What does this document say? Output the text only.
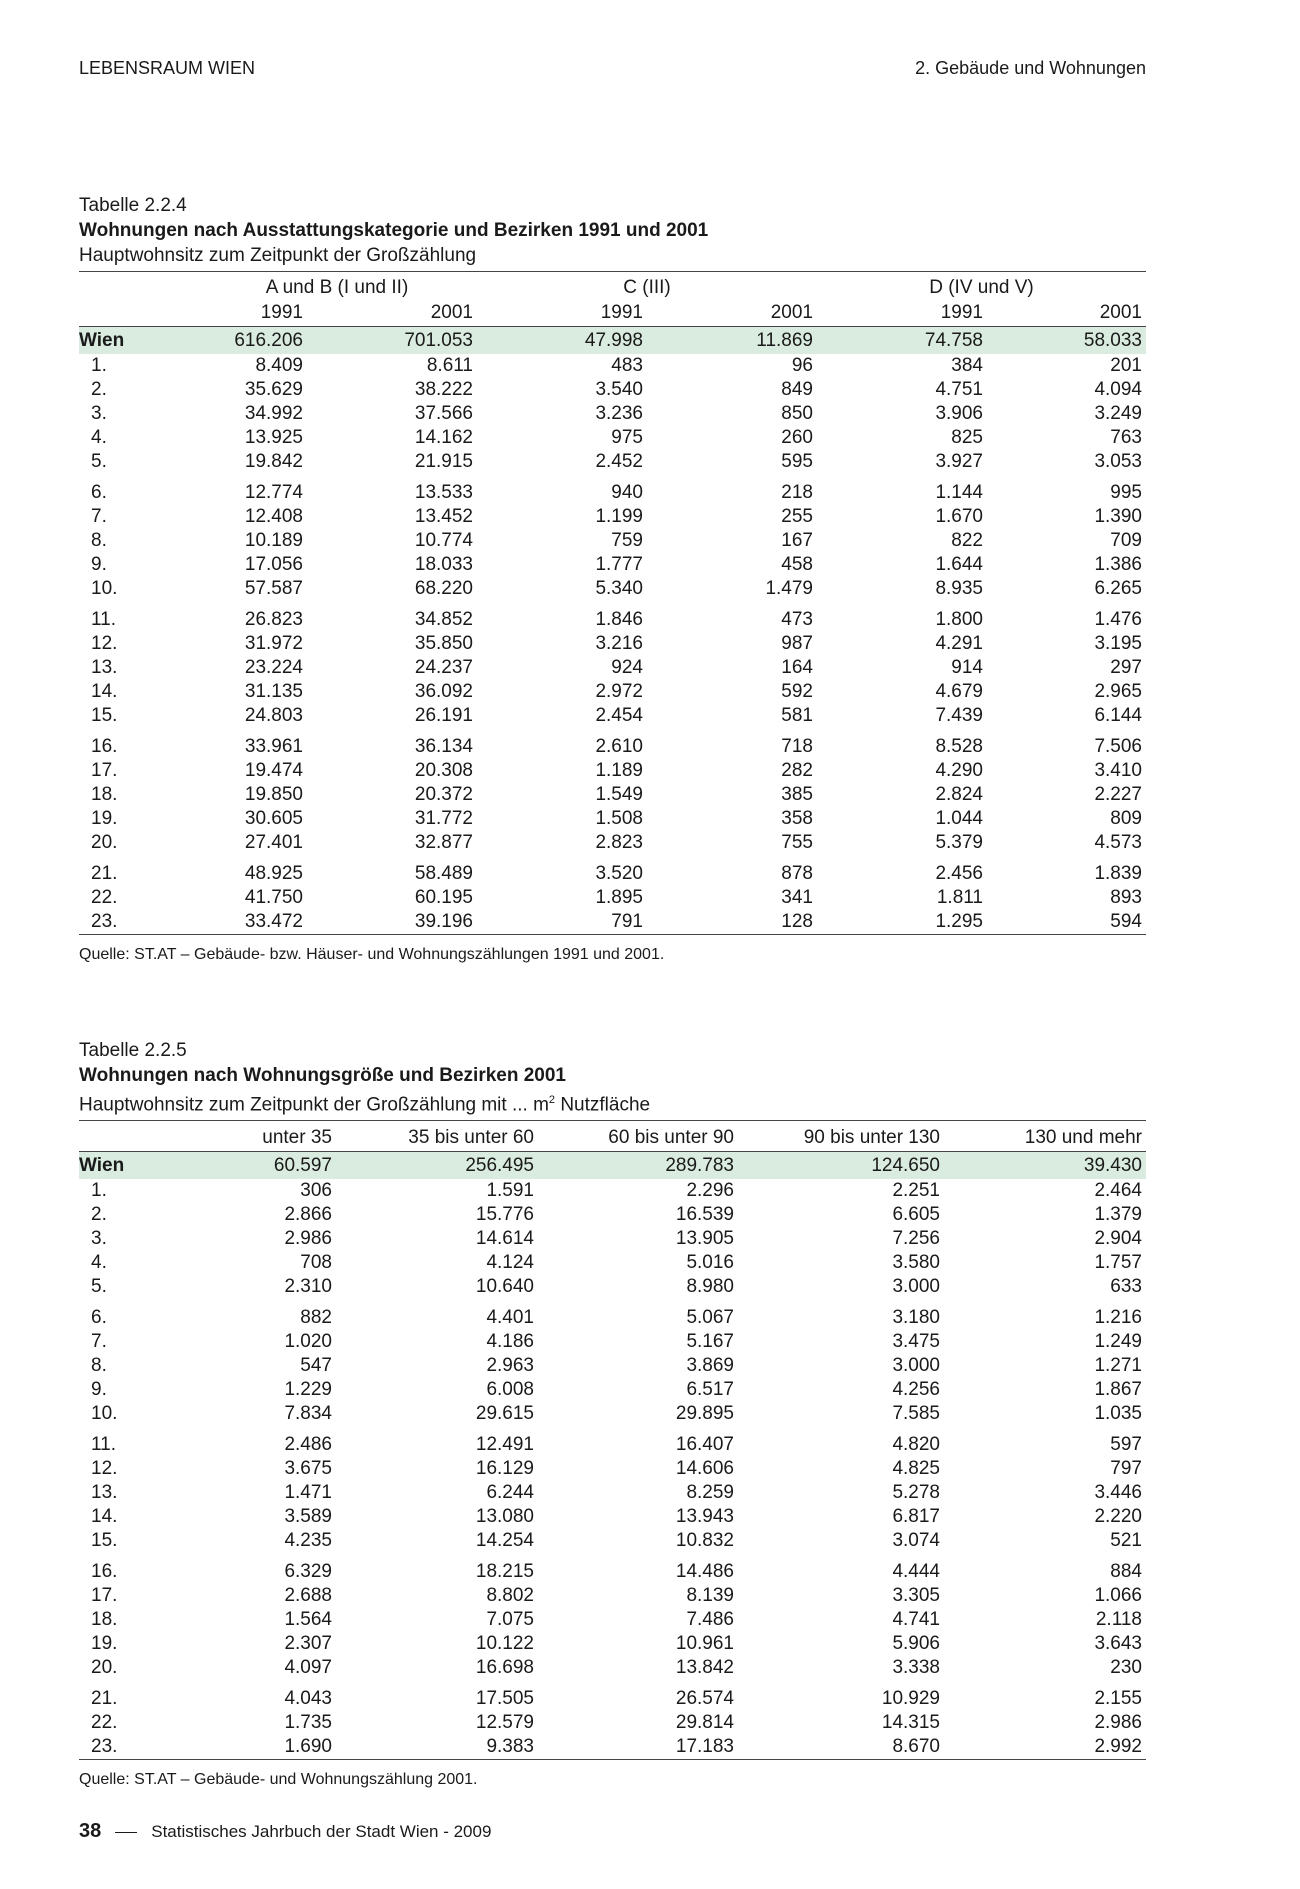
LEBENSRAUM WIEN	2. Gebäude und Wohnungen
Tabelle 2.2.4
Wohnungen nach Ausstattungskategorie und Bezirken 1991 und 2001
Hauptwohnsitz zum Zeitpunkt der Großzählung
	A und B (I und II)		C (III)		D (IV und V)	
	1991	2001	1991	2001	1991	2001
Wien	616.206	701.053	47.998	11.869	74.758	58.033
1.	8.409	8.611	483	96	384	201
2.	35.629	38.222	3.540	849	4.751	4.094
3.	34.992	37.566	3.236	850	3.906	3.249
4.	13.925	14.162	975	260	825	763
5.	19.842	21.915	2.452	595	3.927	3.053
6.	12.774	13.533	940	218	1.144	995
7.	12.408	13.452	1.199	255	1.670	1.390
8.	10.189	10.774	759	167	822	709
9.	17.056	18.033	1.777	458	1.644	1.386
10.	57.587	68.220	5.340	1.479	8.935	6.265
11.	26.823	34.852	1.846	473	1.800	1.476
12.	31.972	35.850	3.216	987	4.291	3.195
13.	23.224	24.237	924	164	914	297
14.	31.135	36.092	2.972	592	4.679	2.965
15.	24.803	26.191	2.454	581	7.439	6.144
16.	33.961	36.134	2.610	718	8.528	7.506
17.	19.474	20.308	1.189	282	4.290	3.410
18.	19.850	20.372	1.549	385	2.824	2.227
19.	30.605	31.772	1.508	358	1.044	809
20.	27.401	32.877	2.823	755	5.379	4.573
21.	48.925	58.489	3.520	878	2.456	1.839
22.	41.750	60.195	1.895	341	1.811	893
23.	33.472	39.196	791	128	1.295	594
Quelle: ST.AT – Gebäude- bzw. Häuser- und Wohnungszählungen 1991 und 2001.
Tabelle 2.2.5
Wohnungen nach Wohnungsgröße und Bezirken 2001
Hauptwohnsitz zum Zeitpunkt der Großzählung mit ... $m^2$ Nutzfläche
	unter 35	35 bis unter 60	60 bis unter 90	90 bis unter 130	130 und mehr
Wien	60.597	256.495	289.783	124.650	39.430
1.	306	1.591	2.296	2.251	2.464
2.	2.866	15.776	16.539	6.605	1.379
3.	2.986	14.614	13.905	7.256	2.904
4.	708	4.124	5.016	3.580	1.757
5.	2.310	10.640	8.980	3.000	633
6.	882	4.401	5.067	3.180	1.216
7.	1.020	4.186	5.167	3.475	1.249
8.	547	2.963	3.869	3.000	1.271
9.	1.229	6.008	6.517	4.256	1.867
10.	7.834	29.615	29.895	7.585	1.035
11.	2.486	12.491	16.407	4.820	597
12.	3.675	16.129	14.606	4.825	797
13.	1.471	6.244	8.259	5.278	3.446
14.	3.589	13.080	13.943	6.817	2.220
15.	4.235	14.254	10.832	3.074	521
16.	6.329	18.215	14.486	4.444	884
17.	2.688	8.802	8.139	3.305	1.066
18.	1.564	7.075	7.486	4.741	2.118
19.	2.307	10.122	10.961	5.906	3.643
20.	4.097	16.698	13.842	3.338	230
21.	4.043	17.505	26.574	10.929	2.155
22.	1.735	12.579	29.814	14.315	2.986
23.	1.690	9.383	17.183	8.670	2.992
Quelle: ST.AT – Gebäude- und Wohnungszählung 2001.
38	Statistisches Jahrbuch der Stadt Wien - 2009
